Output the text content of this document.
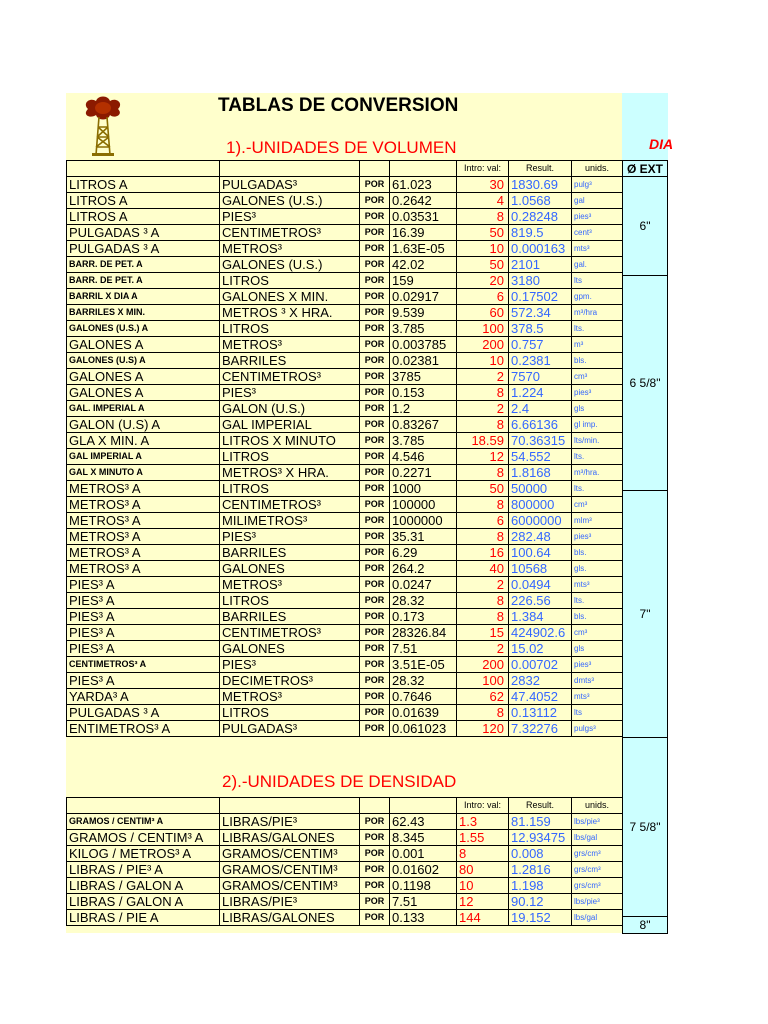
TABLAS DE CONVERSION
1).-UNIDADES DE VOLUMEN	DIA
2).-UNIDADES DE DENSIDAD
				Intro: val:	Result.	unids.
LITROS A	PULGADAS³	POR	61.023	30	1830.69	pulg³
LITROS A	GALONES (U.S.)	POR	0.2642	4	1.0568	gal
LITROS A	PIES³	POR	0.03531	8	0.28248	pies³
PULGADAS ³ A	CENTIMETROS³	POR	16.39	50	819.5	cent³
PULGADAS ³ A	METROS³	POR	1.63E-05	10	0.000163	mts³
BARR. DE PET. A	GALONES (U.S.)	POR	42.02	50	2101	gal.
BARR. DE PET. A	LITROS	POR	159	20	3180	lts
BARRIL X DIA A	GALONES X MIN.	POR	0.02917	6	0.17502	gpm.
BARRILES X MIN.	METROS ³ X HRA.	POR	9.539	60	572.34	m³/hra
GALONES (U.S.) A	LITROS	POR	3.785	100	378.5	lts.
GALONES A	METROS³	POR	0.003785	200	0.757	m³
GALONES (U.S) A	BARRILES	POR	0.02381	10	0.2381	bls.
GALONES A	CENTIMETROS³	POR	3785	2	7570	cm³
GALONES A	PIES³	POR	0.153	8	1.224	pies³
GAL. IMPERIAL A	GALON (U.S.)	POR	1.2	2	2.4	gls
GALON (U.S) A	GAL IMPERIAL	POR	0.83267	8	6.66136	gl imp.
GLA X MIN. A	LITROS X MINUTO	POR	3.785	18.59	70.36315	lts/min.
GAL IMPERIAL A	LITROS	POR	4.546	12	54.552	lts.
GAL X MINUTO A	METROS³ X HRA.	POR	0.2271	8	1.8168	m³/hra.
METROS³ A	LITROS	POR	1000	50	50000	lts.
METROS³ A	CENTIMETROS³	POR	100000	8	800000	cm³
METROS³ A	MILIMETROS³	POR	1000000	6	6000000	mlm³
METROS³ A	PIES³	POR	35.31	8	282.48	pies³
METROS³ A	BARRILES	POR	6.29	16	100.64	bls.
METROS³ A	GALONES	POR	264.2	40	10568	gls.
PIES³ A	METROS³	POR	0.0247	2	0.0494	mts³
PIES³ A	LITROS	POR	28.32	8	226.56	lts.
PIES³ A	BARRILES	POR	0.173	8	1.384	bls.
PIES³ A	CENTIMETROS³	POR	28326.84	15	424902.6	cm³
PIES³ A	GALONES	POR	7.51	2	15.02	gls
CENTIMETROS³ A	PIES³	POR	3.51E-05	200	0.00702	pies³
PIES³ A	DECIMETROS³	POR	28.32	100	2832	dmts³
YARDA³ A	METROS³	POR	0.7646	62	47.4052	mts³
PULGADAS ³ A	LITROS	POR	0.01639	8	0.13112	lts
ENTIMETROS³ A	PULGADAS³	POR	0.061023	120	7.32276	pulgs³
				Intro: val:	Result.	unids.
GRAMOS / CENTIM³ A	LIBRAS/PIE³	POR	62.43	1.3	81.159	lbs/pie³
GRAMOS / CENTIM³ A	LIBRAS/GALONES	POR	8.345	1.55	12.93475	lbs/gal
KILOG / METROS³ A	GRAMOS/CENTIM³	POR	0.001	8	0.008	grs/cm³
LIBRAS / PIE³ A	GRAMOS/CENTIM³	POR	0.01602	80	1.2816	grs/cm³
LIBRAS / GALON A	GRAMOS/CENTIM³	POR	0.1198	10	1.198	grs/cm³
LIBRAS / GALON A	LIBRAS/PIE³	POR	7.51	12	90.12	lbs/pie³
LIBRAS / PIE A	LIBRAS/GALONES	POR	0.133	144	19.152	lbs/gal
Ø EXT
6"
6 5/8"
7"
7 5/8"
8"
